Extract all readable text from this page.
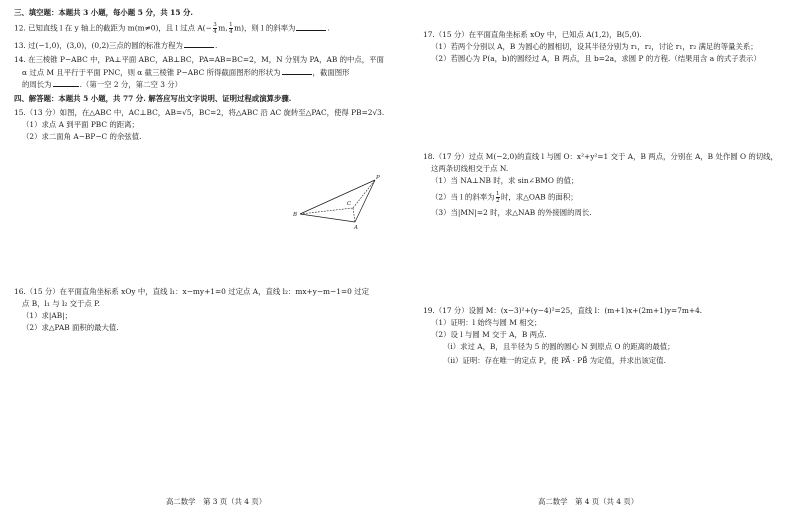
三、填空题：本题共 3 小题，每小题 5 分，共 15 分.
12. 已知直线 l 在 y 轴上的截距为 m(m≠0)，且 l 过点 $A(- \frac{3}{4} m$, $\frac{1}{4} m$)，则 l 的斜率为	.
13. 过(−1,0)，(3,0)，(0,2)三点的圆的标准方程为	.
14. 在三棱锥 P−ABC 中，PA⊥平面 ABC，AB⊥BC，PA=AB=BC=2，M，N 分别为 PA，AB 的中点，平面
α 过点 M 且平行于平面 PNC，则 α 截三棱锥 P−ABC 所得截面图形的形状为	，截面图形
的周长为	.（第一空 2 分，第二空 3 分）
四、解答题：本题共 5 小题，共 77 分. 解答应写出文字说明、证明过程或演算步骤.
15.（13 分）如图，在△ABC 中，AC⊥BC，AB=√5，BC=2，将△ABC 沿 AC 旋转至△PAC，使得 PB=2√3.
（1）求点 A 到平面 PBC 的距离；
（2）求二面角 A−BP−C 的余弦值.
P
B
C
A
16.（15 分）在平面直角坐标系 xOy 中，直线 l₁：x−my+1=0 过定点 A，直线 l₂：mx+y−m−1=0 过定
点 B，l₁ 与 l₂ 交于点 P.
（1）求|AB|；
（2）求△PAB 面积的最大值.
高二数学　第 3 页（共 4 页）
17.（15 分）在平面直角坐标系 xOy 中，已知点 A(1,2)，B(5,0).
（1）若两个分别以 A，B 为圆心的圆相切，设其半径分别为 r₁，r₂，讨论 r₁，r₂ 满足的等量关系；
（2）若圆心为 P(a，b)的圆经过 A，B 两点，且 b=2a，求圆 P 的方程.（结果用含 a 的式子表示）
18.（17 分）过点 M(−2,0)的直线 l 与圆 O：x²+y²=1 交于 A，B 两点，分别在 A，B 处作圆 O 的切线，
这两条切线相交于点 N.
（1）当 NA⊥NB 时，求 sin∠BMO 的值；
（2）当 l 的斜率为 $\frac{1}{2}$ 时，求△OAB 的面积；
（3）当|MN|=2 时，求△NAB 的外接圆的周长.
19.（17 分）设圆 M：(x−3)²+(y−4)²=25，直线 l：(m+1)x+(2m+1)y=7m+4.
（1）证明：l 始终与圆 M 相交；
（2）设 l 与圆 M 交于 A，B 两点.
（i）求过 A，B，且半径为 5 的圆的圆心 N 到原点 O 的距离的最值；
（ii）证明：存在唯一的定点 P，使 PA⃗ · PB⃗ 为定值，并求出该定值.
高二数学　第 4 页（共 4 页）
